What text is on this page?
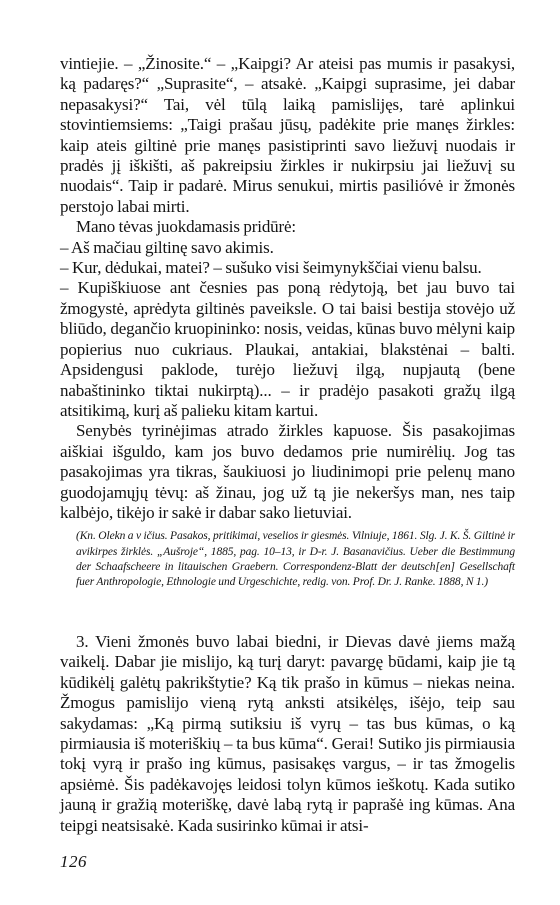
vintiejie. – „Žinosite.“ – „Kaipgi? Ar ateisi pas mumis ir pasakysi, ką padaręs?“ „Suprasite“, – atsakė. „Kaipgi suprasime, jei dabar nepasakysi?“ Tai, vėl tūlą laiką pamislijęs, tarė aplinkui stovintiemsiems: „Taigi prašau jūsų, padėkite prie manęs žirkles: kaip ateis giltinė prie manęs pasistiprinti savo liežuvį nuodais ir pradės jį iškišti, aš pakreipsiu žirkles ir nukirpsiu jai liežuvį su nuodais“. Taip ir padarė. Mirus senukui, mirtis pasilióvė ir žmonės perstojo labai mirti.

Mano tėvas juokdamasis pridūrė:

– Aš mačiau giltinę savo akimis.

– Kur, dėdukai, matei? – sušuko visi šeimynykščiai vienu balsu.

– Kupiškiuose ant česnies pas poną rėdytoją, bet jau buvo tai žmogystė, aprėdyta giltinės paveiksle. O tai baisi bestija stovėjo už bliūdo, degančio kruopininko: nosis, veidas, kūnas buvo mėlyni kaip popierius nuo cukriaus. Plaukai, antakiai, blakstėnai – balti. Apsidengusi paklode, turėjo liežuvį ilgą, nupjautą (bene nabaštininko tiktai nukirptą)... – ir pradėjo pasakoti gražų ilgą atsitikimą, kurį aš palieku kitam kartui.

Senybės tyrinėjimas atrado žirkles kapuose. Šis pasakojimas aiškiai išguldo, kam jos buvo dedamos prie numirėlių. Jog tas pasakojimas yra tikras, šaukiuosi jo liudinimopi prie pelenų mano guodojamųjų tėvų: aš žinau, jog už tą jie nekeršys man, nes taip kalbėjo, tikėjo ir sakė ir dabar sako lietuviai.

(Kn. Olekn a v ičius. Pasakos, pritikimai, veselios ir giesmės. Vilniuje, 1861. Slg. J. K. Š. Giltinė ir avikirpes žirklės. „Aušroje“, 1885, pag. 10–13, ir D-r. J. Basanavičius. Ueber die Bestimmung der Schaafscheere in litauischen Graebern. Correspondenz-Blatt der deutsch[en] Gesellschaft fuer Anthropologie, Ethnologie und Urgeschichte, redig. von. Prof. Dr. J. Ranke. 1888, N 1.)

3. Vieni žmonės buvo labai biedni, ir Dievas davė jiems mažą vaikelį. Dabar jie mislijo, ką turį daryt: pavargę būdami, kaip jie tą kūdikėlį galėtų pakrikštytie? Ką tik prašo in kūmus – niekas neina. Žmogus pamislijo vieną rytą anksti atsikėlęs, išėjo, teip sau sakydamas: „Ką pirmą sutiksiu iš vyrų – tas bus kūmas, o ką pirmiausia iš moteriškių – ta bus kūma“. Gerai! Sutiko jis pirmiausia tokį vyrą ir prašo ing kūmus, pasisakęs vargus, – ir tas žmogelis apsiėmė. Šis padėkavojęs leidosi tolyn kūmos ieškotų. Kada sutiko jauną ir gražią moteriškę, davė labą rytą ir paprašė ing kūmas. Ana teipgi neatsisakė. Kada susirinko kūmai ir atsi-

126
